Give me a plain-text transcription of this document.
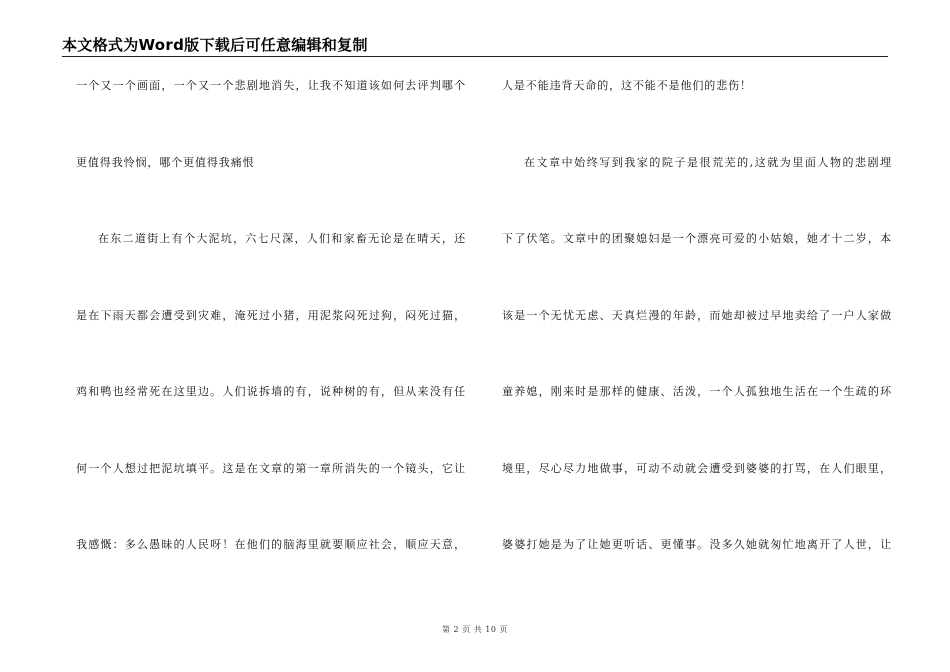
本文格式为Word版下载后可任意编辑和复制
一个又一个画面，一个又一个悲剧地消失，让我不知道该如何去评判哪个
更值得我怜悯，哪个更值得我痛恨
在东二道街上有个大泥坑，六七尺深，人们和家畜无论是在晴天，还
是在下雨天都会遭受到灾难，淹死过小猪，用泥浆闷死过狗，闷死过猫，
鸡和鸭也经常死在这里边。人们说拆墙的有，说种树的有，但从来没有任
何一个人想过把泥坑填平。这是在文章的第一章所消失的一个镜头，它让
我感慨：多么愚昧的人民呀！在他们的脑海里就要顺应社会，顺应天意，
人是不能违背天命的，这不能不是他们的悲伤！
在文章中始终写到我家的院子是很荒芜的,这就为里面人物的悲剧埋
下了伏笔。文章中的团聚媳妇是一个漂亮可爱的小姑娘，她才十二岁，本
该是一个无忧无虑、天真烂漫的年龄，而她却被过早地卖给了一户人家做
童养媳，刚来时是那样的健康、活泼，一个人孤独地生活在一个生疏的环
境里，尽心尽力地做事，可动不动就会遭受到婆婆的打骂，在人们眼里，
婆婆打她是为了让她更听话、更懂事。没多久她就匆忙地离开了人世，让
第 2 页 共 10 页
